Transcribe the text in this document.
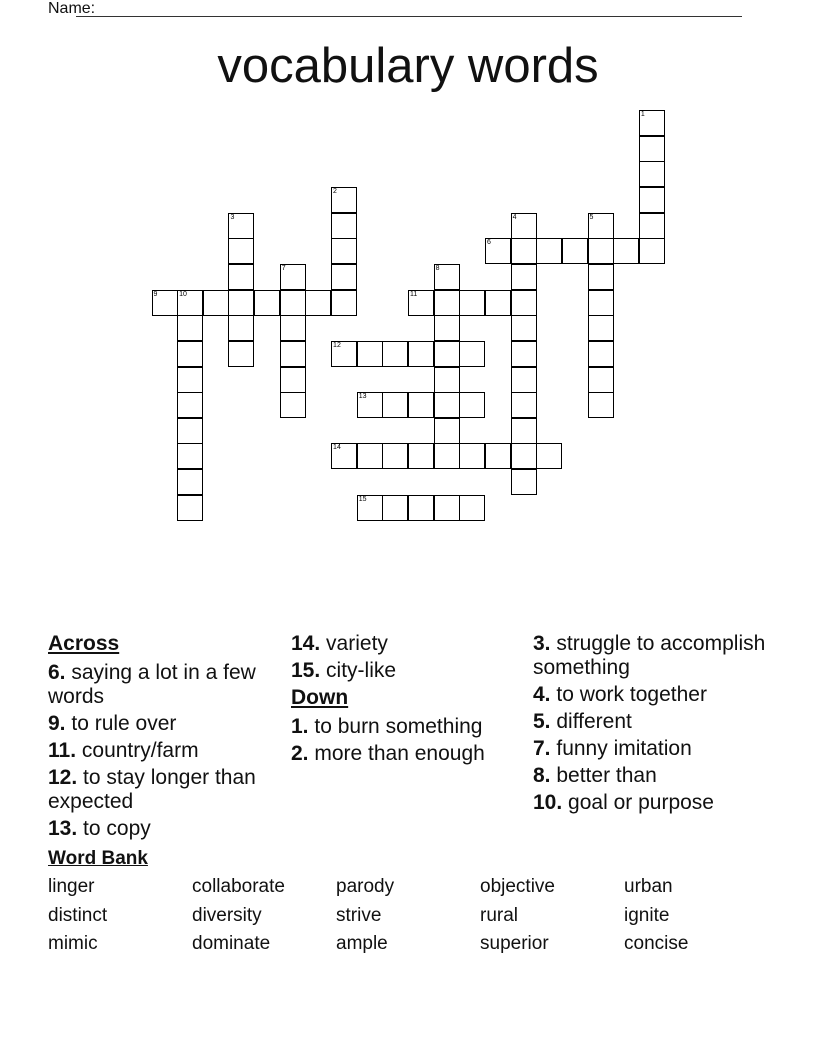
Name:
vocabulary words
1
2
3	4	5
6
7	8
9	10	11
12
13
14
15
Across
6. saying a lot in a few words
9. to rule over
11. country/farm
12. to stay longer than expected
13. to copy
14. variety
15. city-like
Down
1. to burn something
2. more than enough
3. struggle to accomplish something
4. to work together
5. different
7. funny imitation
8. better than
10. goal or purpose
Word Bank
linger	collaborate	parody	objective	urban
distinct	diversity	strive	rural	ignite
mimic	dominate	ample	superior	concise
